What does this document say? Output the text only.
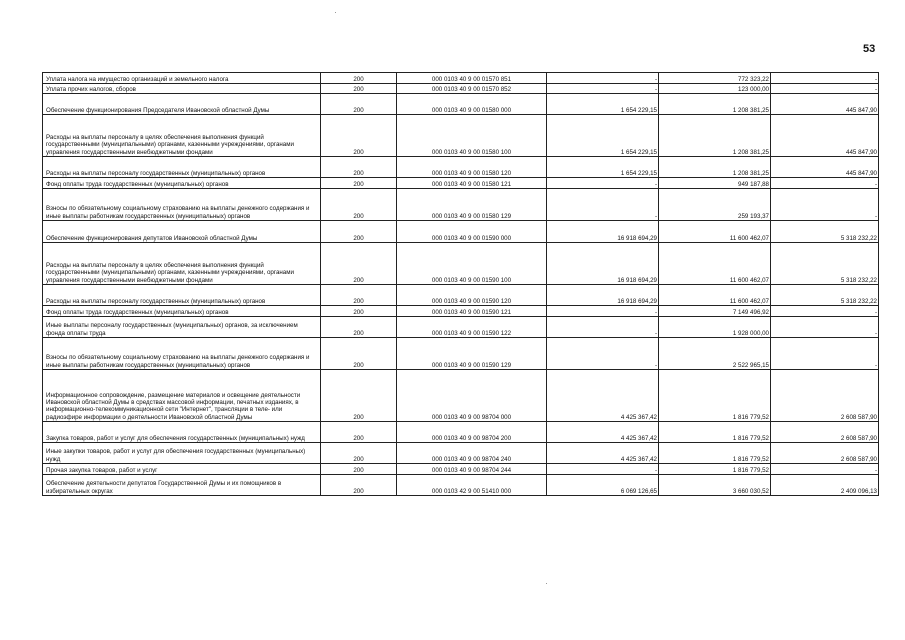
53
Уплата налога на имущество организаций и земельного налога	200	000 0103 40 9 00 01570 851	-	772 323,22	-
Уплата прочих налогов, сборов	200	000 0103 40 9 00 01570 852	-	123 000,00	-
Обеспечение функционирования Председателя Ивановской областной Думы	200	000 0103 40 9 00 01580 000	1 654 229,15	1 208 381,25	445 847,90
Расходы на выплаты персоналу в целях обеспечения выполнения функций государственными (муниципальными) органами, казенными учреждениями, органами управления государственными внебюджетными фондами	200	000 0103 40 9 00 01580 100	1 654 229,15	1 208 381,25	445 847,90
Расходы на выплаты персоналу государственных (муниципальных) органов	200	000 0103 40 9 00 01580 120	1 654 229,15	1 208 381,25	445 847,90
Фонд оплаты труда государственных (муниципальных) органов	200	000 0103 40 9 00 01580 121	-	949 187,88	-
Взносы по обязательному социальному страхованию на выплаты денежного содержания и иные выплаты работникам государственных (муниципальных) органов	200	000 0103 40 9 00 01580 129	-	259 193,37	-
Обеспечение функционирования депутатов Ивановской областной Думы	200	000 0103 40 9 00 01590 000	16 918 694,29	11 600 462,07	5 318 232,22
Расходы на выплаты персоналу в целях обеспечения выполнения функций государственными (муниципальными) органами, казенными учреждениями, органами управления государственными внебюджетными фондами	200	000 0103 40 9 00 01590 100	16 918 694,29	11 600 462,07	5 318 232,22
Расходы на выплаты персоналу государственных (муниципальных) органов	200	000 0103 40 9 00 01590 120	16 918 694,29	11 600 462,07	5 318 232,22
Фонд оплаты труда государственных (муниципальных) органов	200	000 0103 40 9 00 01590 121	-	7 149 496,92	-
Иные выплаты персоналу государственных (муниципальных) органов, за исключением фонда оплаты труда	200	000 0103 40 9 00 01590 122	-	1 928 000,00	-
Взносы по обязательному социальному страхованию на выплаты денежного содержания и иные выплаты работникам государственных (муниципальных) органов	200	000 0103 40 9 00 01590 129	-	2 522 965,15	-
Информационное сопровождение, размещение материалов и освещение деятельности Ивановской областной Думы в средствах массовой информации, печатных изданиях, в информационно-телекоммуникационной сети "Интернет", трансляции в теле- или радиоэфире информации о деятельности Ивановской областной Думы	200	000 0103 40 9 00 98704 000	4 425 367,42	1 816 779,52	2 608 587,90
Закупка товаров, работ и услуг для обеспечения государственных (муниципальных) нужд	200	000 0103 40 9 00 98704 200	4 425 367,42	1 816 779,52	2 608 587,90
Иные закупки товаров, работ и услуг для обеспечения государственных (муниципальных) нужд	200	000 0103 40 9 00 98704 240	4 425 367,42	1 816 779,52	2 608 587,90
Прочая закупка товаров, работ и услуг	200	000 0103 40 9 00 98704 244	-	1 816 779,52	-
Обеспечение деятельности депутатов Государственной Думы и их помощников в избирательных округах	200	000 0103 42 9 00 51410 000	6 069 126,65	3 660 030,52	2 409 096,13
